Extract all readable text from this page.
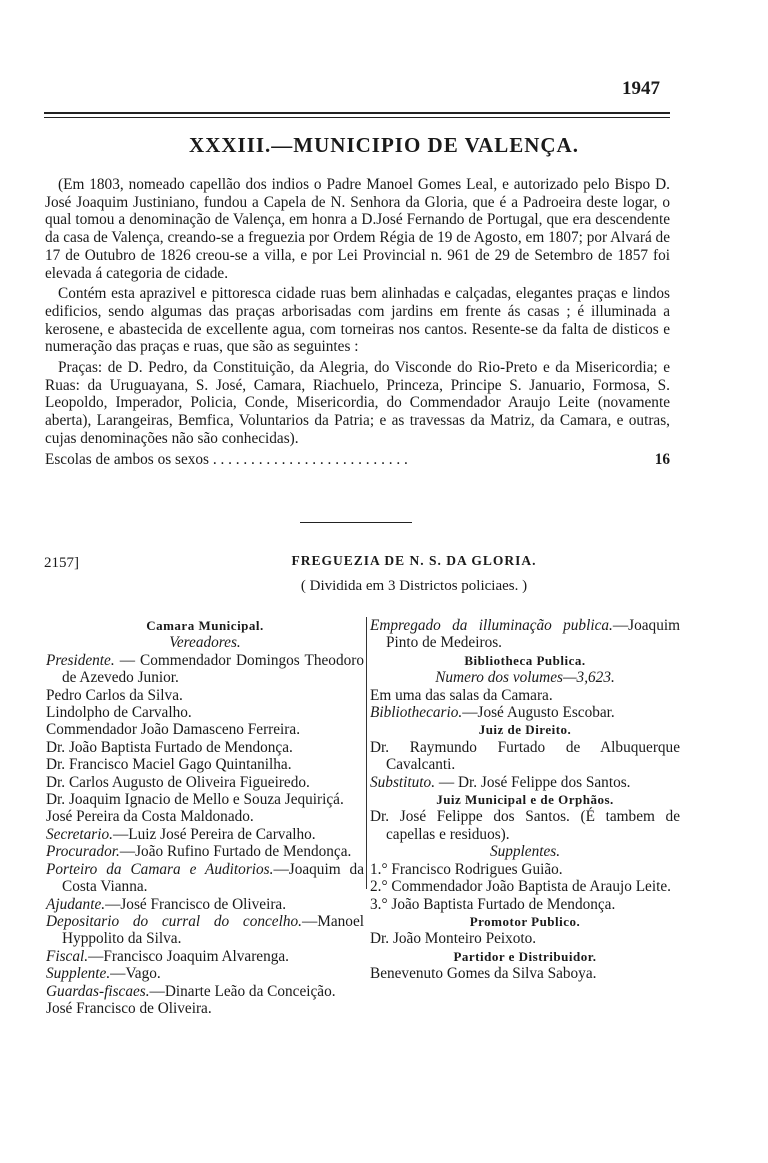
1947
XXXIII.—MUNICIPIO DE VALENÇA.

(Em 1803, nomeado capellão dos indios o Padre Manoel Gomes Leal, e autorizado pelo Bispo D. José Joaquim Justiniano, fundou a Capela de N. Senhora da Gloria, que é a Padroeira deste logar, o qual tomou a denominação de Valença, em honra a D.José Fernando de Portugal, que era descendente da casa de Valença, creando-se a freguezia por Ordem Régia de 19 de Agosto, em 1807; por Alvará de 17 de Outubro de 1826 creou-se a villa, e por Lei Provincial n. 961 de 29 de Setembro de 1857 foi elevada á categoria de cidade.

Contém esta aprazivel e pittoresca cidade ruas bem alinhadas e calçadas, elegantes praças e lindos edificios, sendo algumas das praças arborisadas com jardins em frente ás casas ; é illuminada a kerosene, e abastecida de excellente agua, com torneiras nos cantos. Resente-se da falta de disticos e numeração das praças e ruas, que são as seguintes :

Praças: de D. Pedro, da Constituição, da Alegria, do Visconde do Rio-Preto e da Misericordia; e Ruas: da Uruguayana, S. José, Camara, Riachuelo, Princeza, Principe S. Januario, Formosa, S. Leopoldo, Imperador, Policia, Conde, Misericordia, do Commendador Araujo Leite (novamente aberta), Larangeiras, Bemfica, Voluntarios da Patria; e as travessas da Matriz, da Camara, e outras, cujas denominações não são conhecidas).

Escolas de ambos os sexos . . . . . . . . . . . . . . . . . . . . . . . . . .	16
2157]	FREGUEZIA DE N. S. DA GLORIA.
( Dividida em 3 Districtos policiaes. )
Camara Municipal.
Vereadores.
Presidente. — Commendador Domingos Theodoro de Azevedo Junior.
Pedro Carlos da Silva.
Lindolpho de Carvalho.
Commendador João Damasceno Ferreira.
Dr. João Baptista Furtado de Mendonça.
Dr. Francisco Maciel Gago Quintanilha.
Dr. Carlos Augusto de Oliveira Figueiredo.
Dr. Joaquim Ignacio de Mello e Souza Jequiriçá.
José Pereira da Costa Maldonado.
Secretario.—Luiz José Pereira de Carvalho.
Procurador.—João Rufino Furtado de Mendonça.
Porteiro da Camara e Auditorios.—Joaquim da Costa Vianna.
Ajudante.—José Francisco de Oliveira.
Depositario do curral do concelho.—Manoel Hyppolito da Silva.
Fiscal.—Francisco Joaquim Alvarenga.
Supplente.—Vago.
Guardas-fiscaes.—Dinarte Leão da Conceição.
José Francisco de Oliveira.
Empregado da illuminação publica.—Joaquim Pinto de Medeiros.
Bibliotheca Publica.
Numero dos volumes—3,623.
Em uma das salas da Camara.
Bibliothecario.—José Augusto Escobar.
Juiz de Direito.
Dr. Raymundo Furtado de Albuquerque Cavalcanti.
Substituto. — Dr. José Felippe dos Santos.
Juiz Municipal e de Orphãos.
Dr. José Felippe dos Santos. (É tambem de capellas e residuos).
Supplentes.
1.° Francisco Rodrigues Guião.
2.° Commendador João Baptista de Araujo Leite.
3.° João Baptista Furtado de Mendonça.
Promotor Publico.
Dr. João Monteiro Peixoto.
Partidor e Distribuidor.
Benevenuto Gomes da Silva Saboya.
